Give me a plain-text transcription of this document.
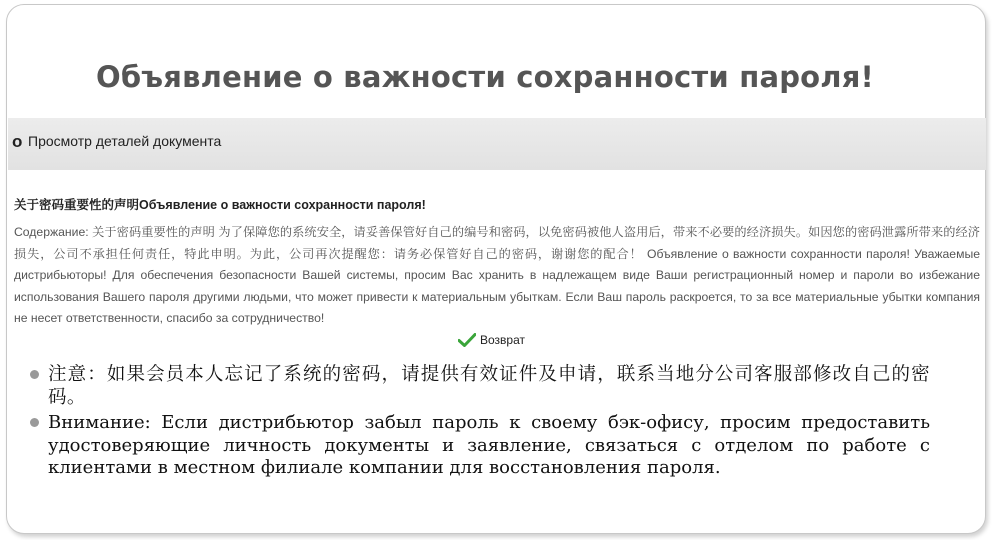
Объявление о важности сохранности пароля!
o Просмотр деталей документа
关于密码重要性的声明Объявление о важности сохранности пароля!
Содержание: 关于密码重要性的声明 为了保障您的系统安全，请妥善保管好自己的编号和密码，以免密码被他人盗用后，带来不必要的经济损失。如因您的密码泄露所带来的经济损失，公司不承担任何责任，特此申明。为此，公司再次提醒您：请务必保管好自己的密码，谢谢您的配合！ Объявление о важности сохранности пароля! Уважаемые дистрибьюторы! Для обеспечения безопасности Вашей системы, просим Вас хранить в надлежащем виде Ваши регистрационный номер и пароли во избежание использования Вашего пароля другими людьми, что может привести к материальным убыткам. Если Ваш пароль раскроется, то за все материальные убытки компания не несет ответственности, спасибо за сотрудничество!
Возврат
注意：如果会员本人忘记了系统的密码，请提供有效证件及申请，联系当地分公司客服部修改自己的密码。
Внимание: Если дистрибьютор забыл пароль к своему бэк-офису, просим предоставить удостоверяющие личность документы и заявление, связаться с отделом по работе с клиентами в местном филиале компании для восстановления пароля.
